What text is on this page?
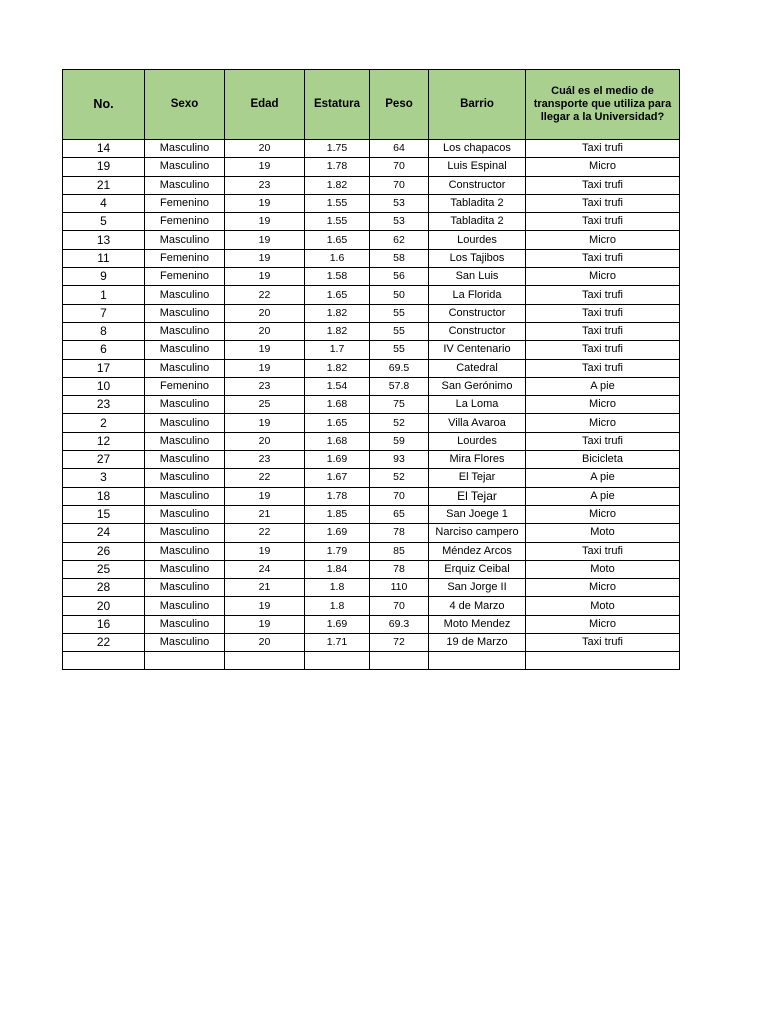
No.	Sexo	Edad	Estatura	Peso	Barrio	Cuál es el medio de transporte que utiliza para llegar a la Universidad?
14	Masculino	20	1.75	64	Los chapacos	Taxi trufi
19	Masculino	19	1.78	70	Luis Espinal	Micro
21	Masculino	23	1.82	70	Constructor	Taxi trufi
4	Femenino	19	1.55	53	Tabladita 2	Taxi trufi
5	Femenino	19	1.55	53	Tabladita 2	Taxi trufi
13	Masculino	19	1.65	62	Lourdes	Micro
11	Femenino	19	1.6	58	Los Tajibos	Taxi trufi
9	Femenino	19	1.58	56	San Luis	Micro
1	Masculino	22	1.65	50	La Florida	Taxi trufi
7	Masculino	20	1.82	55	Constructor	Taxi trufi
8	Masculino	20	1.82	55	Constructor	Taxi trufi
6	Masculino	19	1.7	55	IV Centenario	Taxi trufi
17	Masculino	19	1.82	69.5	Catedral	Taxi trufi
10	Femenino	23	1.54	57.8	San Gerónimo	A pie
23	Masculino	25	1.68	75	La Loma	Micro
2	Masculino	19	1.65	52	Villa Avaroa	Micro
12	Masculino	20	1.68	59	Lourdes	Taxi trufi
27	Masculino	23	1.69	93	Mira Flores	Bicicleta
3	Masculino	22	1.67	52	El Tejar	A pie
18	Masculino	19	1.78	70	El Tejar	A pie
15	Masculino	21	1.85	65	San Joege 1	Micro
24	Masculino	22	1.69	78	Narciso campero	Moto
26	Masculino	19	1.79	85	Méndez Arcos	Taxi trufi
25	Masculino	24	1.84	78	Erquiz Ceibal	Moto
28	Masculino	21	1.8	110	San Jorge II	Micro
20	Masculino	19	1.8	70	4 de Marzo	Moto
16	Masculino	19	1.69	69.3	Moto Mendez	Micro
22	Masculino	20	1.71	72	19 de Marzo	Taxi trufi
